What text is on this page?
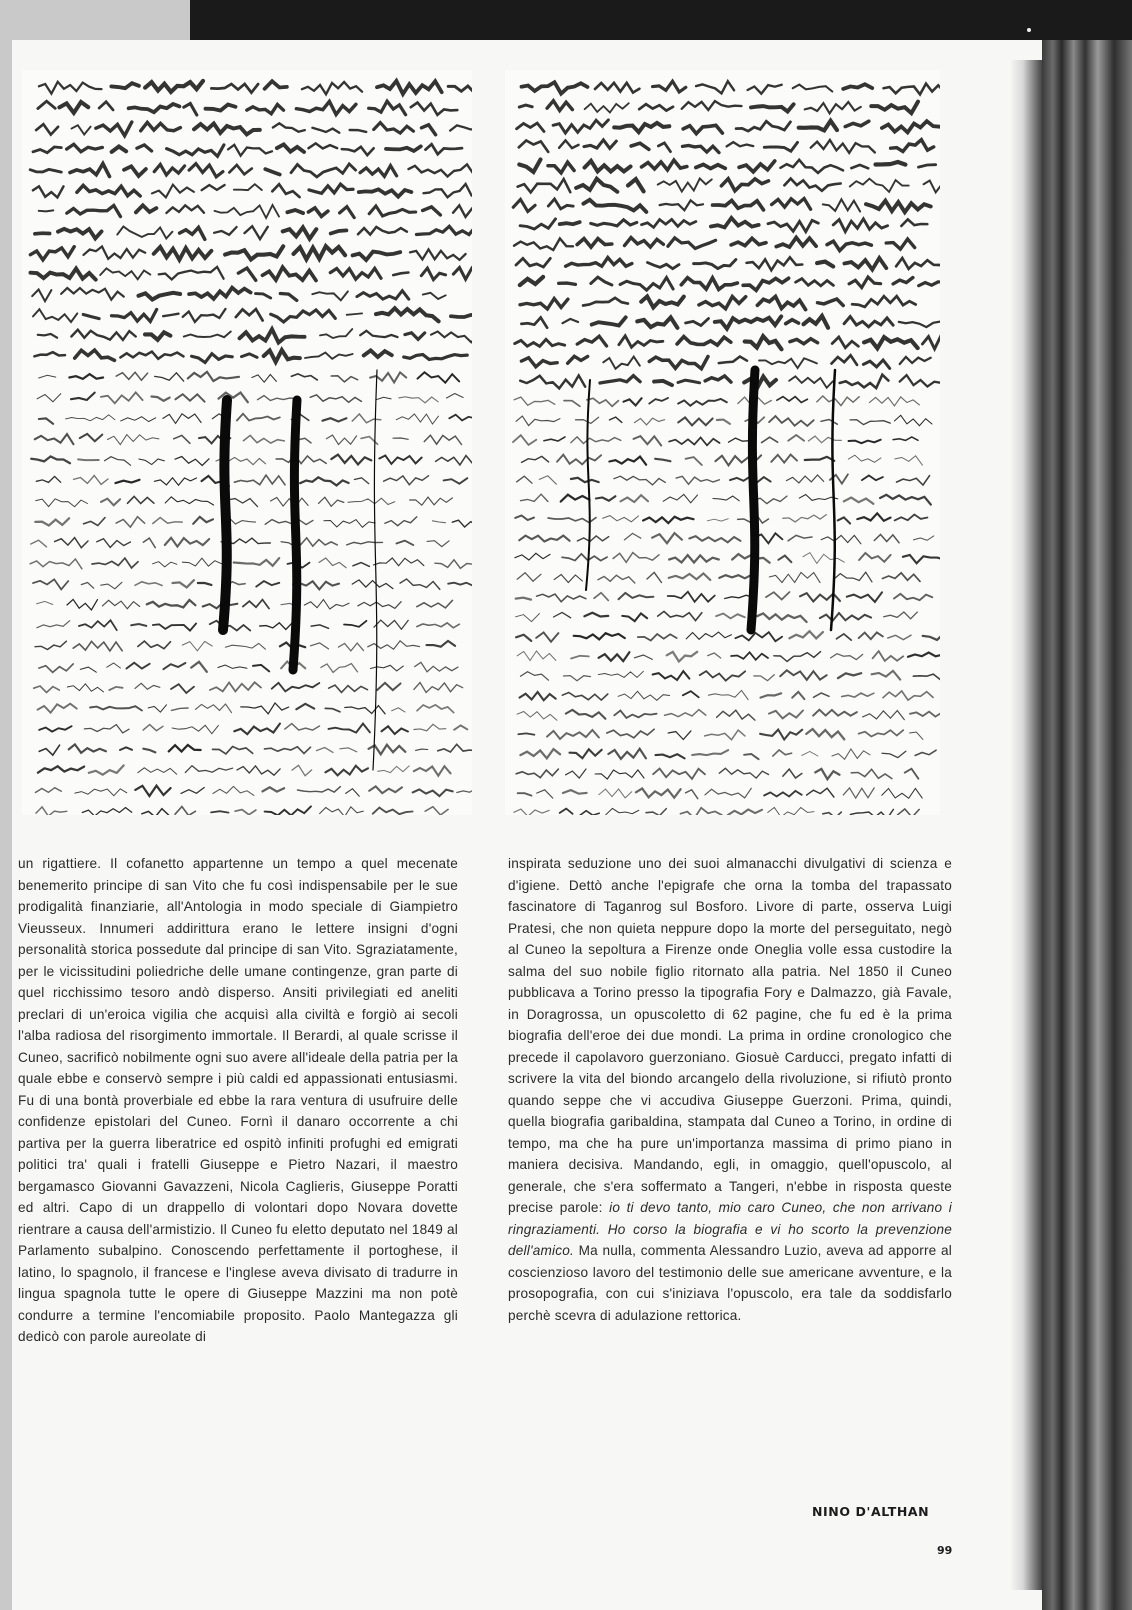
un rigattiere. Il cofanetto appartenne un tempo a quel mecenate benemerito principe di san Vito che fu così indispensabile per le sue prodigalità finanziarie, all'Antologia in modo speciale di Giampietro Vieusseux. Innumeri addirittura erano le lettere insigni d'ogni personalità storica possedute dal principe di san Vito. Sgraziatamente, per le vicissitudini poliedriche delle umane contingenze, gran parte di quel ricchissimo tesoro andò disperso. Ansiti privilegiati ed aneliti preclari di un'eroica vigilia che acquisì alla civiltà e forgiò ai secoli l'alba radiosa del risorgimento immortale. Il Berardi, al quale scrisse il Cuneo, sacrificò nobilmente ogni suo avere all'ideale della patria per la quale ebbe e conservò sempre i più caldi ed appassionati entusiasmi. Fu di una bontà proverbiale ed ebbe la rara ventura di usufruire delle confidenze epistolari del Cuneo. Fornì il danaro occorrente a chi partiva per la guerra liberatrice ed ospitò infiniti profughi ed emigrati politici tra' quali i fratelli Giuseppe e Pietro Nazari, il maestro bergamasco Giovanni Gavazzeni, Nicola Caglieris, Giuseppe Poratti ed altri. Capo di un drappello di volontari dopo Novara dovette rientrare a causa dell'armistizio. Il Cuneo fu eletto deputato nel 1849 al Parlamento subalpino. Conoscendo perfettamente il portoghese, il latino, lo spagnolo, il francese e l'inglese aveva divisato di tradurre in lingua spagnola tutte le opere di Giuseppe Mazzini ma non potè condurre a termine l'encomiabile proposito. Paolo Mantegazza gli dedicò con parole aureolate di

inspirata seduzione uno dei suoi almanacchi divulgativi di scienza e d'igiene. Dettò anche l'epigrafe che orna la tomba del trapassato fascinatore di Taganrog sul Bosforo. Livore di parte, osserva Luigi Pratesi, che non quieta neppure dopo la morte del perseguitato, negò al Cuneo la sepoltura a Firenze onde Oneglia volle essa custodire la salma del suo nobile figlio ritornato alla patria. Nel 1850 il Cuneo pubblicava a Torino presso la tipografia Fory e Dalmazzo, già Favale, in Doragrossa, un opuscoletto di 62 pagine, che fu ed è la prima biografia dell'eroe dei due mondi. La prima in ordine cronologico che precede il capolavoro guerzoniano. Giosuè Carducci, pregato infatti di scrivere la vita del biondo arcangelo della rivoluzione, si rifiutò pronto quando seppe che vi accudiva Giuseppe Guerzoni. Prima, quindi, quella biografia garibaldina, stampata dal Cuneo a Torino, in ordine di tempo, ma che ha pure un'importanza massima di primo piano in maniera decisiva. Mandando, egli, in omaggio, quell'opuscolo, al generale, che s'era soffermato a Tangeri, n'ebbe in risposta queste precise parole: io ti devo tanto, mio caro Cuneo, che non arrivano i ringraziamenti. Ho corso la biografia e vi ho scorto la prevenzione dell'amico. Ma nulla, commenta Alessandro Luzio, aveva ad apporre al coscienzioso lavoro del testimonio delle sue americane avventure, e la prosopografia, con cui s'iniziava l'opuscolo, era tale da soddisfarlo perchè scevra di adulazione rettorica.

NINO D'ALTHAN
99
